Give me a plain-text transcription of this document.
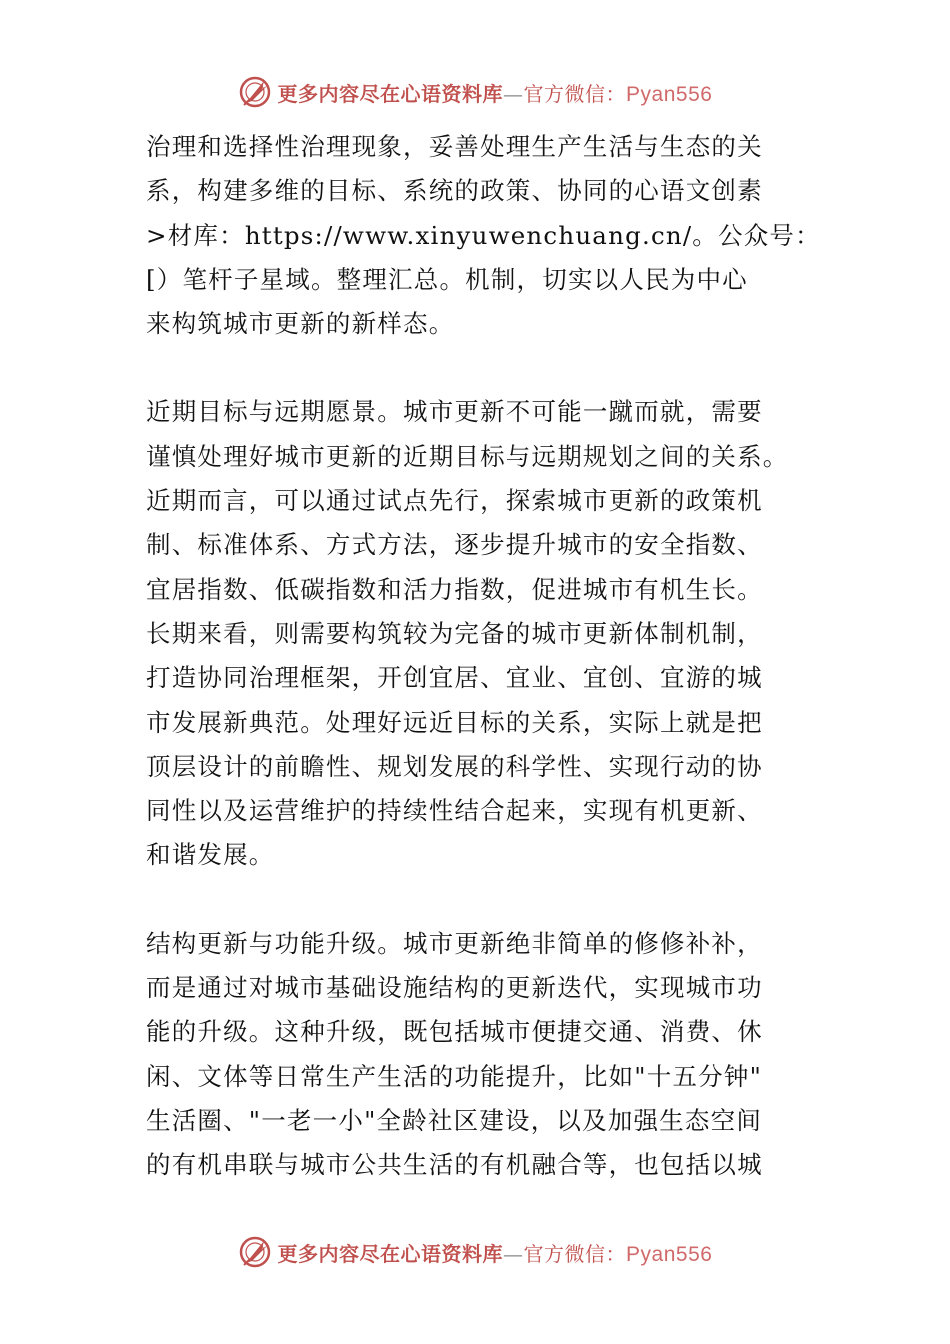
更多内容尽在心语资料库—官方微信：Pyan556

治理和选择性治理现象，妥善处理生产生活与生态的关
系，构建多维的目标、系统的政策、协同的心语文创素
>材库：https://www.xinyuwenchuang.cn/。公众号：
[）笔杆子星域。整理汇总。机制，切实以人民为中心
来构筑城市更新的新样态。

近期目标与远期愿景。城市更新不可能一蹴而就，需要
谨慎处理好城市更新的近期目标与远期规划之间的关系。
近期而言，可以通过试点先行，探索城市更新的政策机
制、标准体系、方式方法，逐步提升城市的安全指数、
宜居指数、低碳指数和活力指数，促进城市有机生长。
长期来看，则需要构筑较为完备的城市更新体制机制，
打造协同治理框架，开创宜居、宜业、宜创、宜游的城
市发展新典范。处理好远近目标的关系，实际上就是把
顶层设计的前瞻性、规划发展的科学性、实现行动的协
同性以及运营维护的持续性结合起来，实现有机更新、
和谐发展。

结构更新与功能升级。城市更新绝非简单的修修补补，
而是通过对城市基础设施结构的更新迭代，实现城市功
能的升级。这种升级，既包括城市便捷交通、消费、休
闲、文体等日常生产生活的功能提升，比如"十五分钟"
生活圈、"一老一小"全龄社区建设，以及加强生态空间
的有机串联与城市公共生活的有机融合等，也包括以城

更多内容尽在心语资料库—官方微信：Pyan556
